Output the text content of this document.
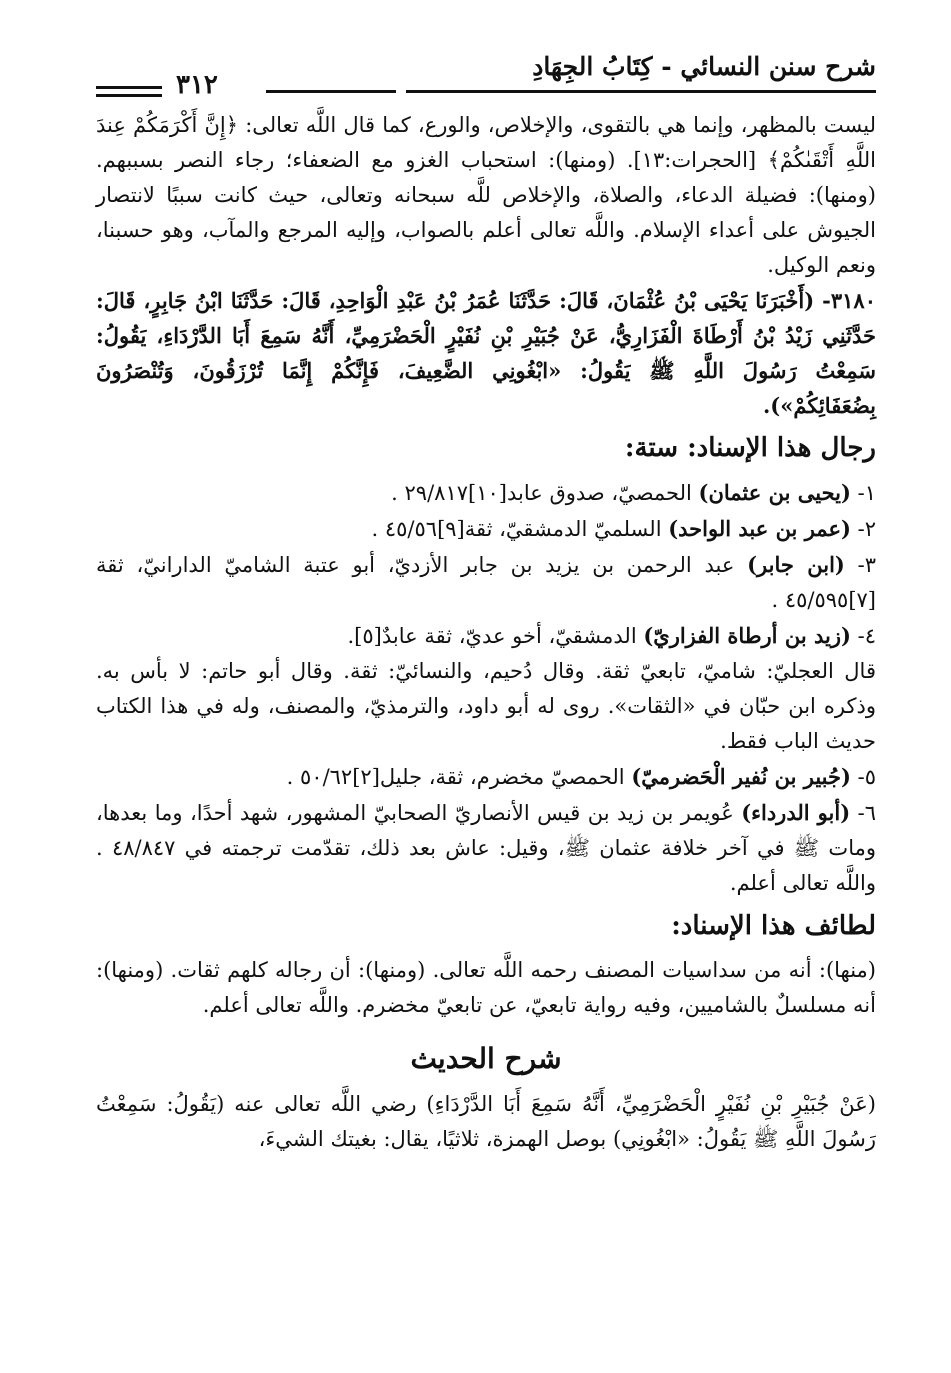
شرح سنن النسائي - كِتَابُ الجِهَادِ
٣١٢

ليست بالمظهر، وإنما هي بالتقوى، والإخلاص، والورع، كما قال اللَّه تعالى: ﴿إِنَّ أَكْرَمَكُمْ عِندَ اللَّهِ أَتْقَىٰكُمْ﴾ [الحجرات:١٣]. (ومنها): استحباب الغزو مع الضعفاء؛ رجاء النصر بسببهم. (ومنها): فضيلة الدعاء، والصلاة، والإخلاص للَّه سبحانه وتعالى، حيث كانت سببًا لانتصار الجيوش على أعداء الإسلام. واللَّه تعالى أعلم بالصواب، وإليه المرجع والمآب، وهو حسبنا، ونعم الوكيل.

٣١٨٠- (أَخْبَرَنَا يَحْيَى بْنُ عُثْمَانَ، قَالَ: حَدَّثَنَا عُمَرُ بْنُ عَبْدِ الْوَاحِدِ، قَالَ: حَدَّثَنَا ابْنُ جَابِرٍ، قَالَ: حَدَّثَنِي زَيْدُ بْنُ أَرْطَاةَ الْفَزَارِيُّ، عَنْ جُبَيْرِ بْنِ نُفَيْرٍ الْحَضْرَمِيِّ، أَنَّهُ سَمِعَ أَبَا الدَّرْدَاءِ، يَقُولُ: سَمِعْتُ رَسُولَ اللَّهِ ﷺ يَقُولُ: «ابْغُونِي الضَّعِيفَ، فَإِنَّكُمْ إِنَّمَا تُرْزَقُونَ، وَتُنْصَرُونَ بِضُعَفَائِكُمْ»).

رجال هذا الإسناد: ستة:

١- (يحيى بن عثمان) الحمصيّ، صدوق عابد[١٠]٢٩/٨١٧ .

٢- (عمر بن عبد الواحد) السلميّ الدمشقيّ، ثقة[٩]٤٥/٥٦ .

٣- (ابن جابر) عبد الرحمن بن يزيد بن جابر الأزديّ، أبو عتبة الشاميّ الدارانيّ، ثقة [٧]٤٥/٥٩٥ .

٤- (زيد بن أرطاة الفزاريّ) الدمشقيّ، أخو عديّ، ثقة عابدٌ[٥].

قال العجليّ: شاميّ، تابعيّ ثقة. وقال دُحيم، والنسائيّ: ثقة. وقال أبو حاتم: لا بأس به. وذكره ابن حبّان في «الثقات». روى له أبو داود، والترمذيّ، والمصنف، وله في هذا الكتاب حديث الباب فقط.

٥- (جُبير بن نُفير الْحَضرميّ) الحمصيّ مخضرم، ثقة، جليل[٢]٥٠/٦٢ .

٦- (أبو الدرداء) عُويمر بن زيد بن قيس الأنصاريّ الصحابيّ المشهور، شهد أحدًا، وما بعدها، ومات ﷺ في آخر خلافة عثمان ﷺ، وقيل: عاش بعد ذلك، تقدّمت ترجمته في ٤٨/٨٤٧ . واللَّه تعالى أعلم.

لطائف هذا الإسناد:

(منها): أنه من سداسيات المصنف رحمه اللَّه تعالى. (ومنها): أن رجاله كلهم ثقات. (ومنها): أنه مسلسلٌ بالشاميين، وفيه رواية تابعيّ، عن تابعيّ مخضرم. واللَّه تعالى أعلم.

شرح الحديث

(عَنْ جُبَيْرِ بْنِ نُفَيْرٍ الْحَضْرَمِيِّ، أَنَّهُ سَمِعَ أَبَا الدَّرْدَاءِ) رضي اللَّه تعالى عنه (يَقُولُ: سَمِعْتُ رَسُولَ اللَّهِ ﷺ يَقُولُ: «ابْغُونِي) بوصل الهمزة، ثلاثيًا، يقال: بغيتك الشيءَ،
